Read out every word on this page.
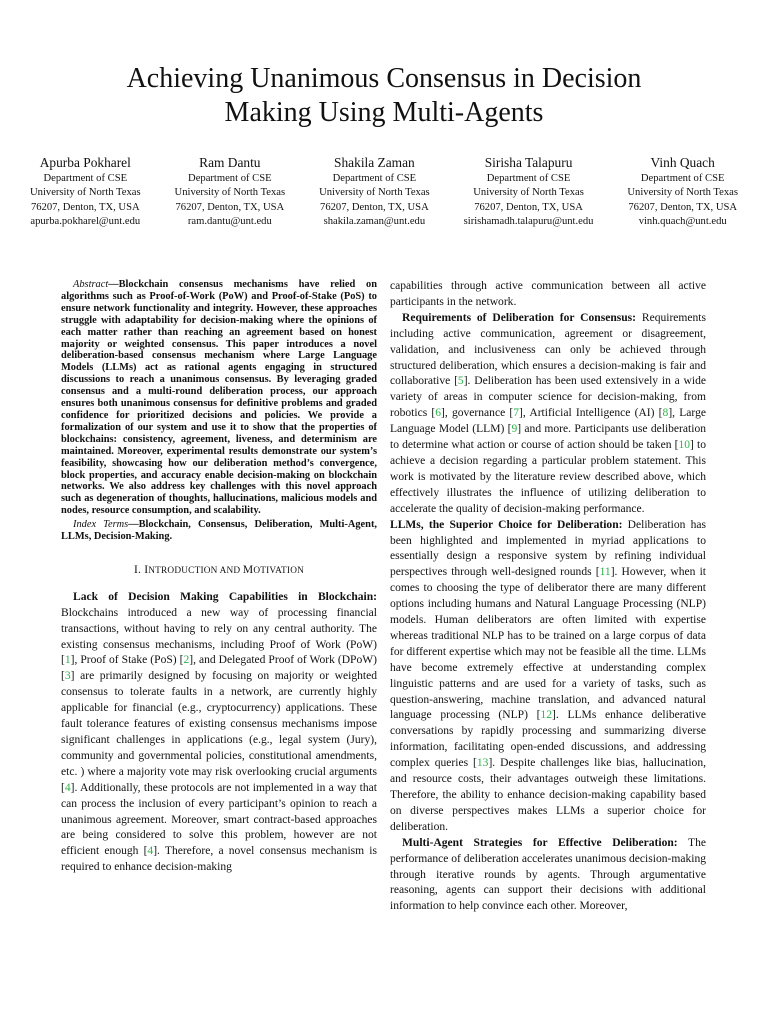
Achieving Unanimous Consensus in Decision
Making Using Multi-Agents
Apurba Pokharel
Department of CSE
University of North Texas
76207, Denton, TX, USA
apurba.pokharel@unt.edu
Ram Dantu
Department of CSE
University of North Texas
76207, Denton, TX, USA
ram.dantu@unt.edu
Shakila Zaman
Department of CSE
University of North Texas
76207, Denton, TX, USA
shakila.zaman@unt.edu
Sirisha Talapuru
Department of CSE
University of North Texas
76207, Denton, TX, USA
sirishamadh.talapuru@unt.edu
Vinh Quach
Department of CSE
University of North Texas
76207, Denton, TX, USA
vinh.quach@unt.edu

Abstract—Blockchain consensus mechanisms have relied on algorithms such as Proof-of-Work (PoW) and Proof-of-Stake (PoS) to ensure network functionality and integrity. However, these approaches struggle with adaptability for decision-making where the opinions of each matter rather than reaching an agreement based on honest majority or weighted consensus. This paper introduces a novel deliberation-based consensus mechanism where Large Language Models (LLMs) act as rational agents engaging in structured discussions to reach a unanimous consensus. By leveraging graded consensus and a multi-round deliberation process, our approach ensures both unanimous consensus for definitive problems and graded confidence for prioritized decisions and policies. We provide a formalization of our system and use it to show that the properties of blockchains: consistency, agreement, liveness, and determinism are maintained. Moreover, experimental results demonstrate our system’s feasibility, showcasing how our deliberation method’s convergence, block properties, and accuracy enable decision-making on blockchain networks. We also address key challenges with this novel approach such as degeneration of thoughts, hallucinations, malicious models and nodes, resource consumption, and scalability.

Index Terms—Blockchain, Consensus, Deliberation, Multi-Agent, LLMs, Decision-Making.

I. INTRODUCTION AND MOTIVATION

Lack of Decision Making Capabilities in Blockchain: Blockchains introduced a new way of processing financial transactions, without having to rely on any central authority. The existing consensus mechanisms, including Proof of Work (PoW) [1], Proof of Stake (PoS) [2], and Delegated Proof of Work (DPoW) [3] are primarily designed by focusing on majority or weighted consensus to tolerate faults in a network, are currently highly applicable for financial (e.g., cryptocurrency) applications. These fault tolerance features of existing consensus mechanisms impose significant challenges in applications (e.g., legal system (Jury), community and governmental policies, constitutional amendments, etc. ) where a majority vote may risk overlooking crucial arguments [4]. Additionally, these protocols are not implemented in a way that can process the inclusion of every participant’s opinion to reach a unanimous agreement. Moreover, smart contract-based approaches are being considered to solve this problem, however are not efficient enough [4]. Therefore, a novel consensus mechanism is required to enhance decision-making

capabilities through active communication between all active participants in the network.

Requirements of Deliberation for Consensus: Requirements including active communication, agreement or disagreement, validation, and inclusiveness can only be achieved through structured deliberation, which ensures a decision-making is fair and collaborative [5]. Deliberation has been used extensively in a wide variety of areas in computer science for decision-making, from robotics [6], governance [7], Artificial Intelligence (AI) [8], Large Language Model (LLM) [9] and more. Participants use deliberation to determine what action or course of action should be taken [10] to achieve a decision regarding a particular problem statement. This work is motivated by the literature review described above, which effectively illustrates the influence of utilizing deliberation to accelerate the quality of decision-making performance.

LLMs, the Superior Choice for Deliberation: Deliberation has been highlighted and implemented in myriad applications to essentially design a responsive system by refining individual perspectives through well-designed rounds [11]. However, when it comes to choosing the type of deliberator there are many different options including humans and Natural Language Processing (NLP) models. Human deliberators are often limited with expertise whereas traditional NLP has to be trained on a large corpus of data for different expertise which may not be feasible all the time. LLMs have become extremely effective at understanding complex linguistic patterns and are used for a variety of tasks, such as question-answering, machine translation, and advanced natural language processing (NLP) [12]. LLMs enhance deliberative conversations by rapidly processing and summarizing diverse information, facilitating open-ended discussions, and addressing complex queries [13]. Despite challenges like bias, hallucination, and resource costs, their advantages outweigh these limitations. Therefore, the ability to enhance decision-making capability based on diverse perspectives makes LLMs a superior choice for deliberation.

Multi-Agent Strategies for Effective Deliberation: The performance of deliberation accelerates unanimous decision-making through iterative rounds by agents. Through argumentative reasoning, agents can support their decisions with additional information to help convince each other. Moreover,
